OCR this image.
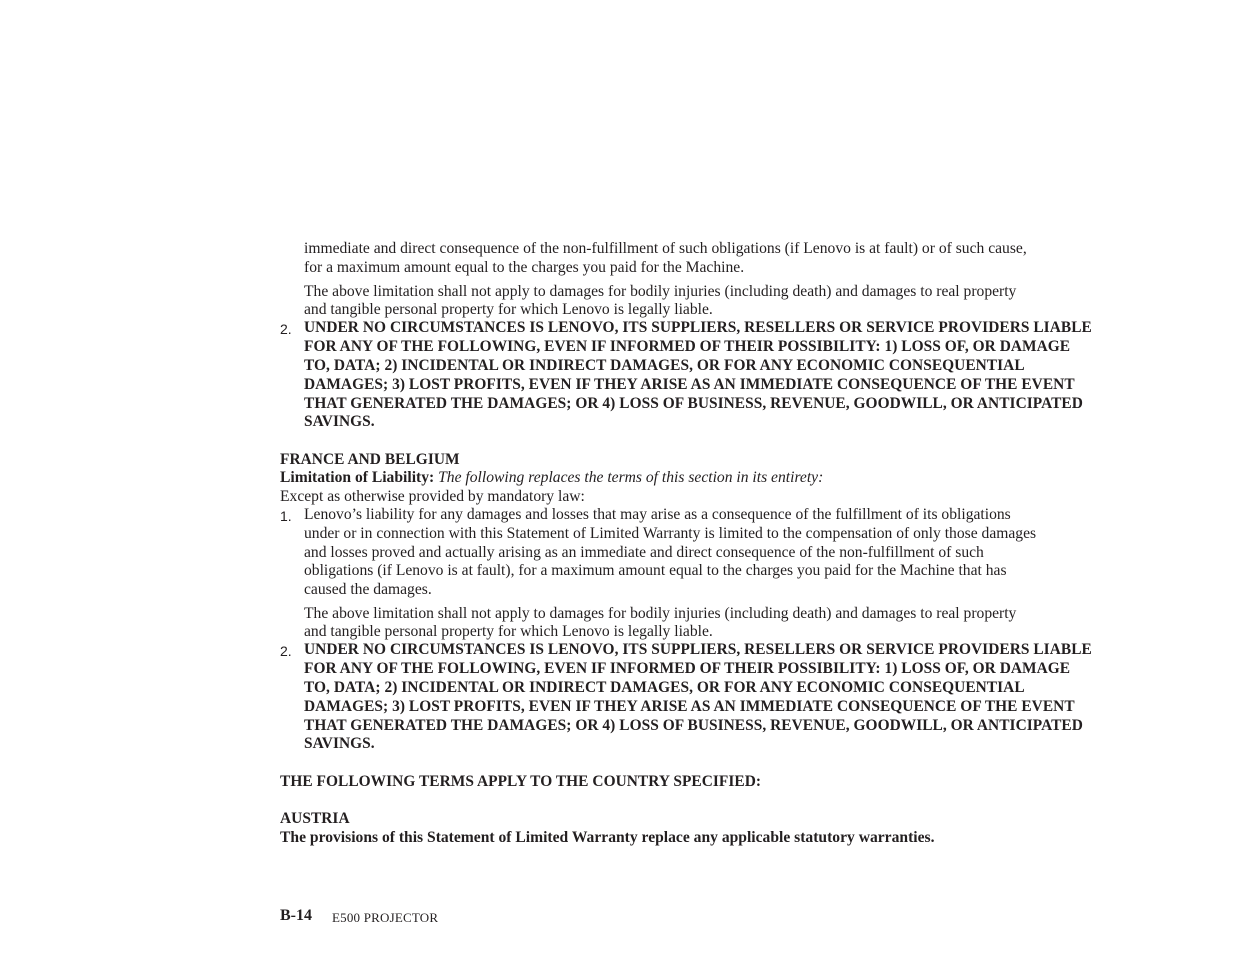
immediate and direct consequence of the non-fulfillment of such obligations (if Lenovo is at fault) or of such cause,

for a maximum amount equal to the charges you paid for the Machine.

The above limitation shall not apply to damages for bodily injuries (including death) and damages to real property

and tangible personal property for which Lenovo is legally liable.

2. UNDER NO CIRCUMSTANCES IS LENOVO, ITS SUPPLIERS, RESELLERS OR SERVICE PROVIDERS LIABLE

FOR ANY OF THE FOLLOWING, EVEN IF INFORMED OF THEIR POSSIBILITY: 1) LOSS OF, OR DAMAGE

TO, DATA; 2) INCIDENTAL OR INDIRECT DAMAGES, OR FOR ANY ECONOMIC CONSEQUENTIAL

DAMAGES; 3) LOST PROFITS, EVEN IF THEY ARISE AS AN IMMEDIATE CONSEQUENCE OF THE EVENT

THAT GENERATED THE DAMAGES; OR 4) LOSS OF BUSINESS, REVENUE, GOODWILL, OR ANTICIPATED

SAVINGS.

FRANCE AND BELGIUM

Limitation of Liability: The following replaces the terms of this section in its entirety:

Except as otherwise provided by mandatory law:

1. Lenovo’s liability for any damages and losses that may arise as a consequence of the fulfillment of its obligations

under or in connection with this Statement of Limited Warranty is limited to the compensation of only those damages

and losses proved and actually arising as an immediate and direct consequence of the non-fulfillment of such

obligations (if Lenovo is at fault), for a maximum amount equal to the charges you paid for the Machine that has

caused the damages.

The above limitation shall not apply to damages for bodily injuries (including death) and damages to real property

and tangible personal property for which Lenovo is legally liable.

2. UNDER NO CIRCUMSTANCES IS LENOVO, ITS SUPPLIERS, RESELLERS OR SERVICE PROVIDERS LIABLE

FOR ANY OF THE FOLLOWING, EVEN IF INFORMED OF THEIR POSSIBILITY: 1) LOSS OF, OR DAMAGE

TO, DATA; 2) INCIDENTAL OR INDIRECT DAMAGES, OR FOR ANY ECONOMIC CONSEQUENTIAL

DAMAGES; 3) LOST PROFITS, EVEN IF THEY ARISE AS AN IMMEDIATE CONSEQUENCE OF THE EVENT

THAT GENERATED THE DAMAGES; OR 4) LOSS OF BUSINESS, REVENUE, GOODWILL, OR ANTICIPATED

SAVINGS.

THE FOLLOWING TERMS APPLY TO THE COUNTRY SPECIFIED:

AUSTRIA

The provisions of this Statement of Limited Warranty replace any applicable statutory warranties.

B-14 E500 PROJECTOR
